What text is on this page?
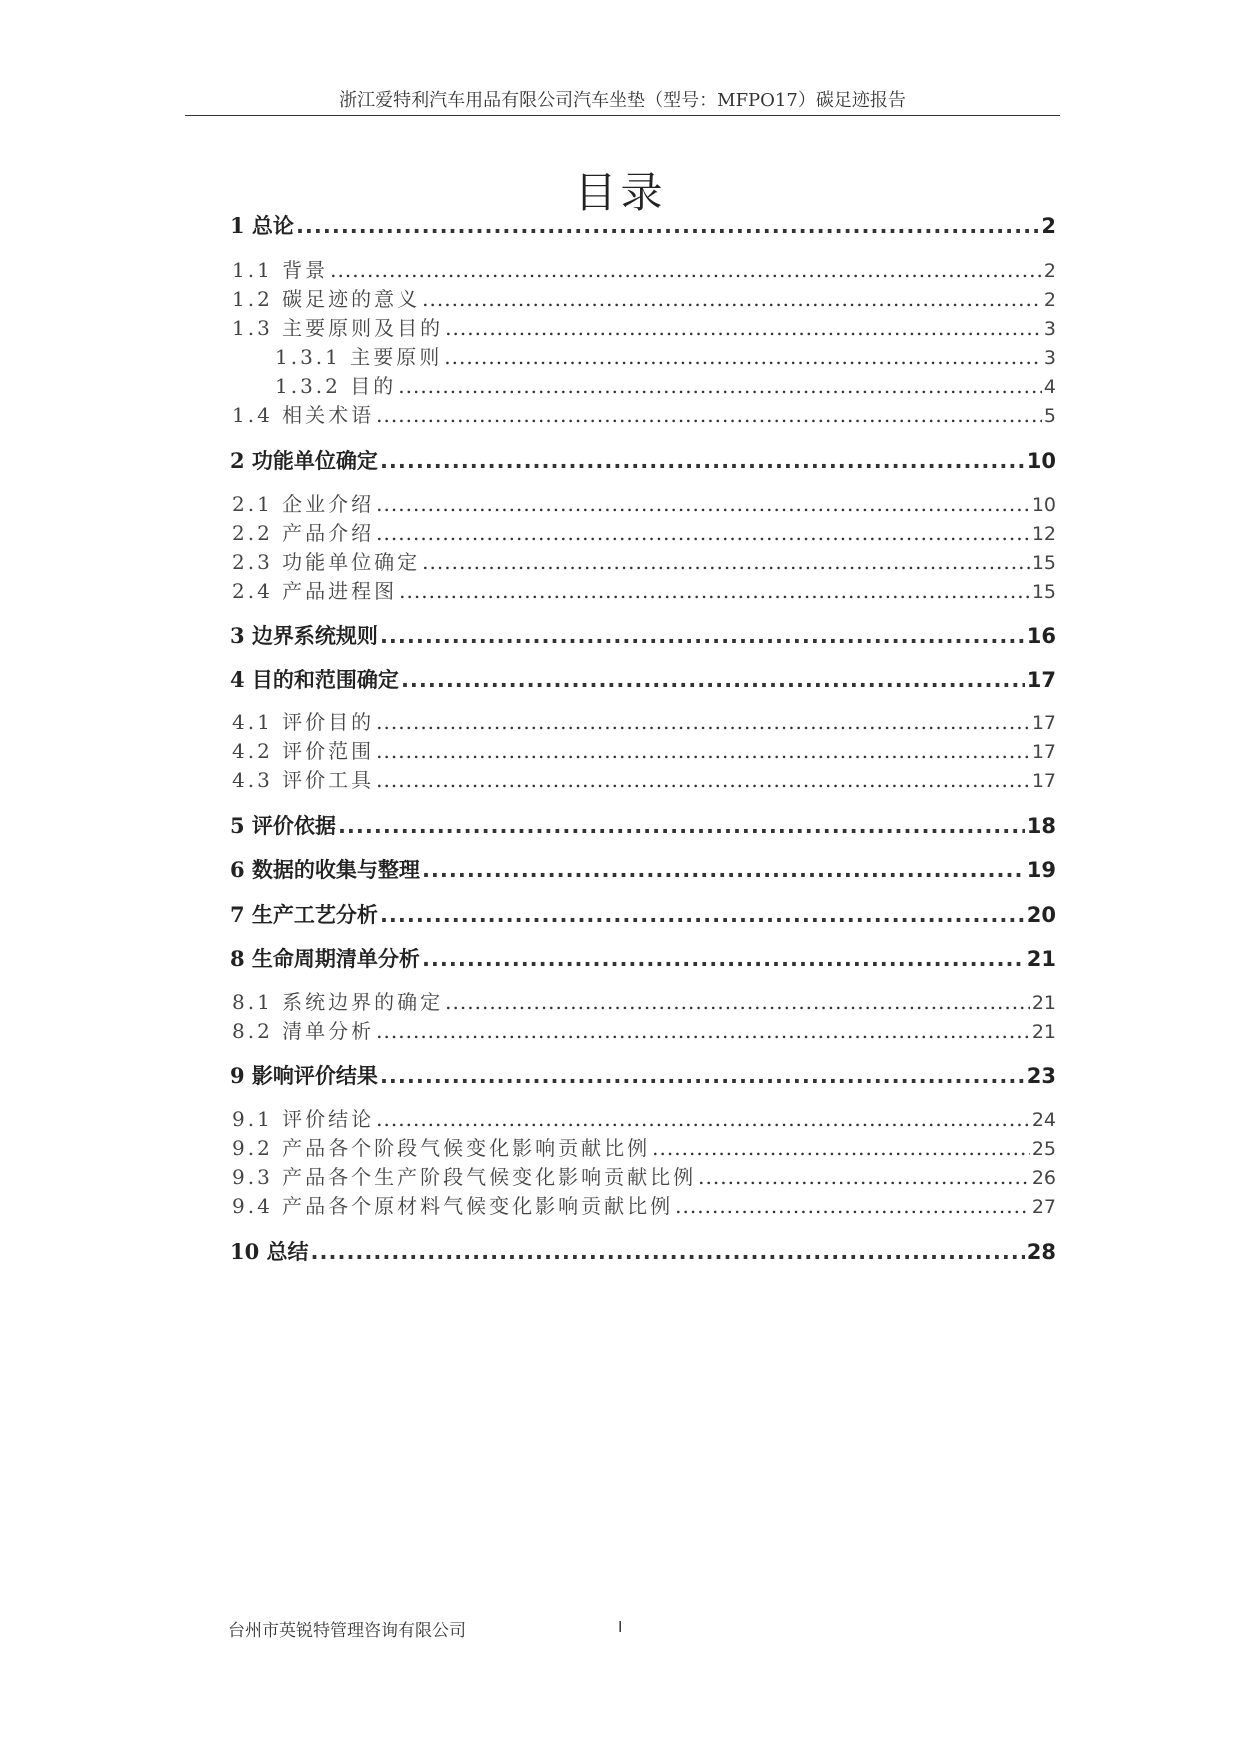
浙江爱特利汽车用品有限公司汽车坐垫（型号：MFPO17）碳足迹报告
目录
1 总论 .....	2
1.1 背景 .....	2
1.2 碳足迹的意义 .....	2
1.3 主要原则及目的 .....	3
1.3.1 主要原则 .....	3
1.3.2 目的 .....	4
1.4 相关术语 .....	5
2 功能单位确定 .....	10
2.1 企业介绍 .....	10
2.2 产品介绍 .....	12
2.3 功能单位确定 .....	15
2.4 产品进程图 .....	15
3 边界系统规则 .....	16
4 目的和范围确定 .....	17
4.1 评价目的 .....	17
4.2 评价范围 .....	17
4.3 评价工具 .....	17
5 评价依据 .....	18
6 数据的收集与整理 .....	19
7 生产工艺分析 .....	20
8 生命周期清单分析 .....	21
8.1 系统边界的确定 .....	21
8.2 清单分析 .....	21
9 影响评价结果 .....	23
9.1 评价结论 .....	24
9.2 产品各个阶段气候变化影响贡献比例 .....	25
9.3 产品各个生产阶段气候变化影响贡献比例 .....	26
9.4 产品各个原材料气候变化影响贡献比例 .....	27
10 总结 .....	28
台州市英锐特管理咨询有限公司	I
